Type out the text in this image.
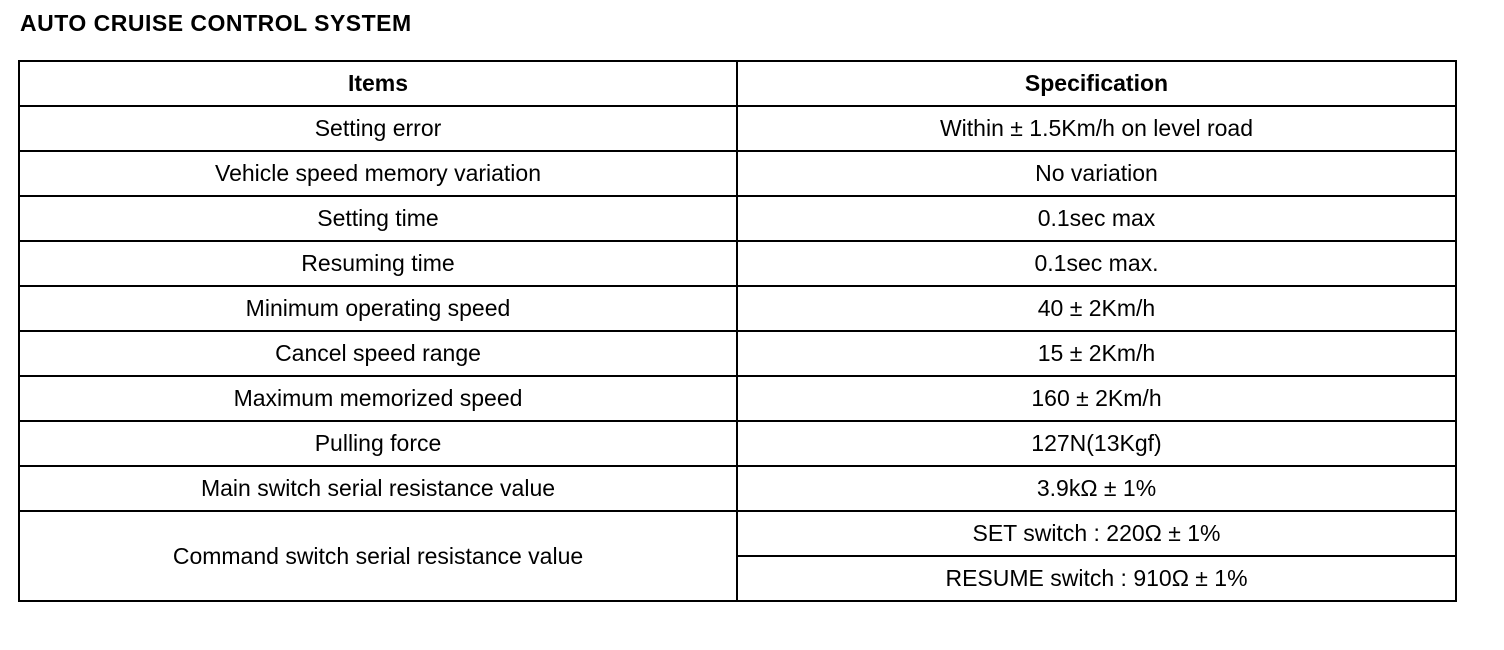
AUTO CRUISE CONTROL SYSTEM
Items	Specification
Setting error	Within ± 1.5Km/h on level road
Vehicle speed memory variation	No variation
Setting time	0.1sec max
Resuming time	0.1sec max.
Minimum operating speed	40 ± 2Km/h
Cancel speed range	15 ± 2Km/h
Maximum memorized speed	160 ± 2Km/h
Pulling force	127N(13Kgf)
Main switch serial resistance value	3.9kΩ ± 1%
Command switch serial resistance value	SET switch : 220Ω ± 1%
	RESUME switch : 910Ω ± 1%
